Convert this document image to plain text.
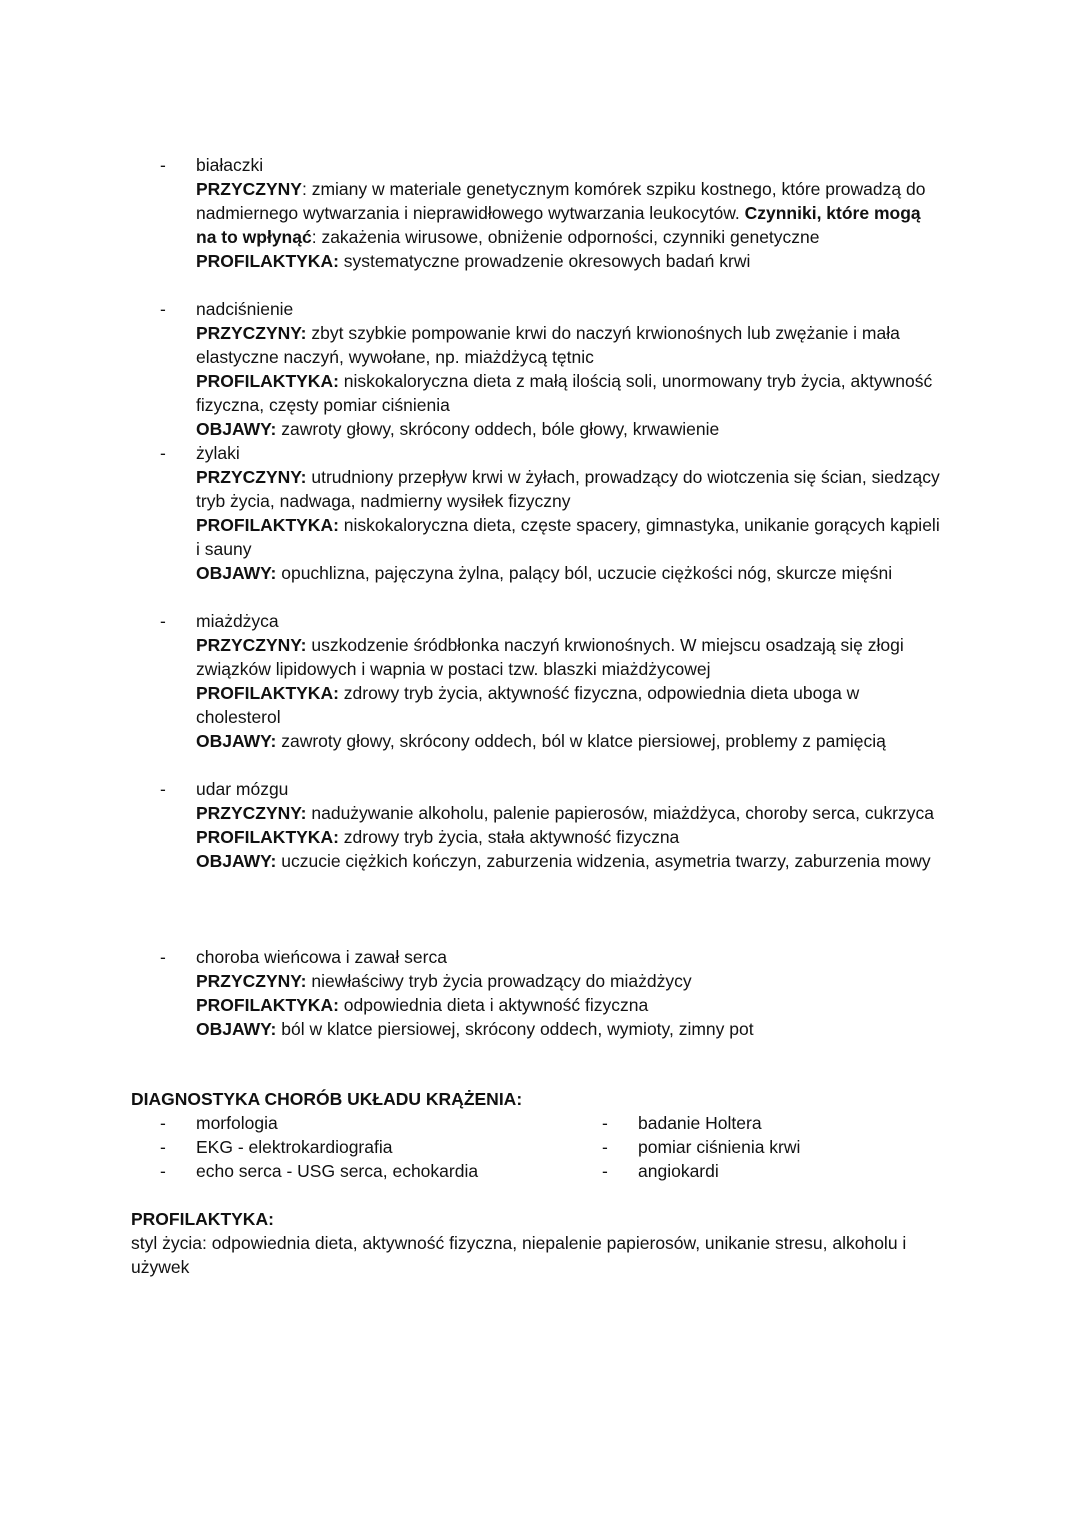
-	białaczki

PRZYCZYNY: zmiany w materiale genetycznym komórek szpiku kostnego, które prowadzą do nadmiernego wytwarzania i nieprawidłowego wytwarzania leukocytów. Czynniki, które mogą na to wpłynąć: zakażenia wirusowe, obniżenie odporności, czynniki genetyczne

PROFILAKTYKA: systematyczne prowadzenie okresowych badań krwi

-	nadciśnienie

PRZYCZYNY: zbyt szybkie pompowanie krwi do naczyń krwionośnych lub zwężanie i mała elastyczne naczyń, wywołane, np. miażdżycą tętnic

PROFILAKTYKA: niskokaloryczna dieta z małą ilością soli, unormowany tryb życia, aktywność fizyczna, częsty pomiar ciśnienia

OBJAWY: zawroty głowy, skrócony oddech, bóle głowy, krwawienie

-	żylaki

PRZYCZYNY: utrudniony przepływ krwi w żyłach, prowadzący do wiotczenia się ścian, siedzący tryb życia, nadwaga, nadmierny wysiłek fizyczny

PROFILAKTYKA: niskokaloryczna dieta, częste spacery, gimnastyka, unikanie gorących kąpieli i sauny

OBJAWY: opuchlizna, pajęczyna żylna, palący ból, uczucie ciężkości nóg, skurcze mięśni

-	miażdżyca

PRZYCZYNY: uszkodzenie śródbłonka naczyń krwionośnych. W miejscu osadzają się złogi związków lipidowych i wapnia w postaci tzw. blaszki miażdżycowej

PROFILAKTYKA: zdrowy tryb życia, aktywność fizyczna, odpowiednia dieta uboga w cholesterol

OBJAWY: zawroty głowy, skrócony oddech, ból w klatce piersiowej, problemy z pamięcią

-	udar mózgu

PRZYCZYNY: nadużywanie alkoholu, palenie papierosów, miażdżyca, choroby serca, cukrzyca

PROFILAKTYKA: zdrowy tryb życia, stała aktywność fizyczna

OBJAWY: uczucie ciężkich kończyn, zaburzenia widzenia, asymetria twarzy, zaburzenia mowy

-	choroba wieńcowa i zawał serca

PRZYCZYNY: niewłaściwy tryb życia prowadzący do miażdżycy

PROFILAKTYKA: odpowiednia dieta i aktywność fizyczna

OBJAWY: ból w klatce piersiowej, skrócony oddech, wymioty, zimny pot

DIAGNOSTYKA CHORÓB UKŁADU KRĄŻENIA:
-	morfologia
-	EKG - elektrokardiografia
-	echo serca - USG serca, echokardia
-	badanie Holtera
-	pomiar ciśnienia krwi
-	angiokardi
PROFILAKTYKA:

styl życia: odpowiednia dieta, aktywność fizyczna, niepalenie papierosów, unikanie stresu, alkoholu i używek
